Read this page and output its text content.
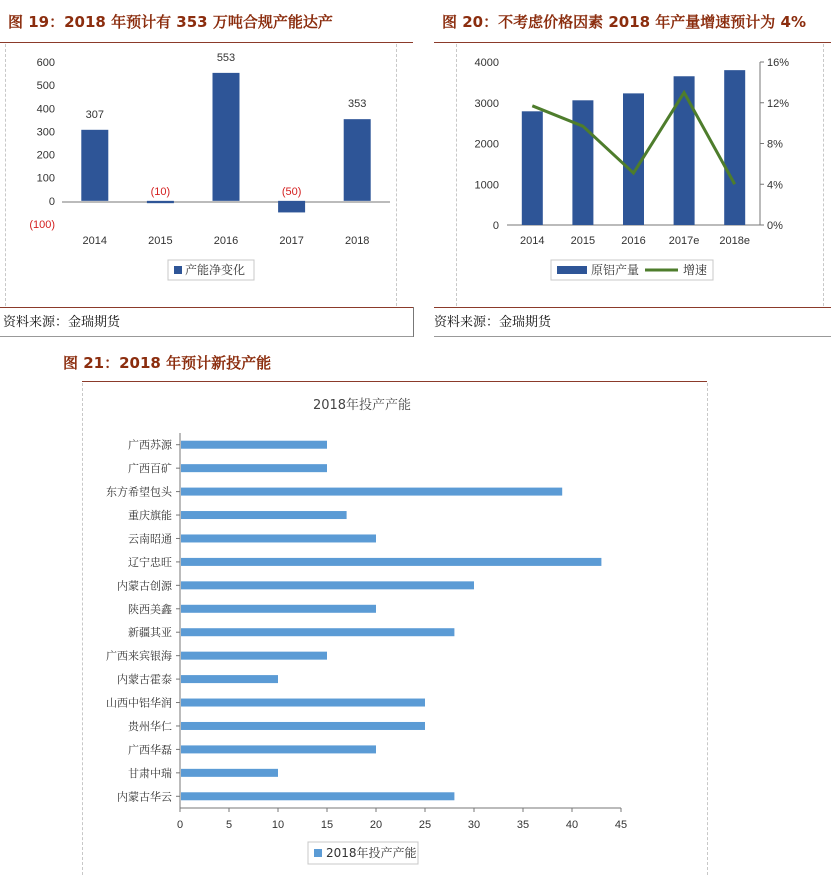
图 19：2018 年预计有 353 万吨合规产能达产
资料来源：金瑞期货
600
500
400
300
200
100
0
(100)
307
(10)
553
(50)
353
2014	2015	2016	2017	2018
产能净变化
图 20：不考虑价格因素 2018 年产量增速预计为 4%
资料来源：金瑞期货
4000
3000
2000
1000
0
16%
12%
8%
4%
0%
2014 2015 2016 2017e 2018e
原铝产量	增速
图 21：2018 年预计新投产能
2018年投产产能
广西苏源
广西百矿
东方希望包头
重庆旗能
云南昭通
辽宁忠旺
内蒙古创源
陕西美鑫
新疆其亚
广西来宾银海
内蒙古霍泰
山西中铝华润
贵州华仁
广西华磊
甘肃中瑞
内蒙古华云
0	5	10	15	20	25	30	35	40	45
2018年投产产能
